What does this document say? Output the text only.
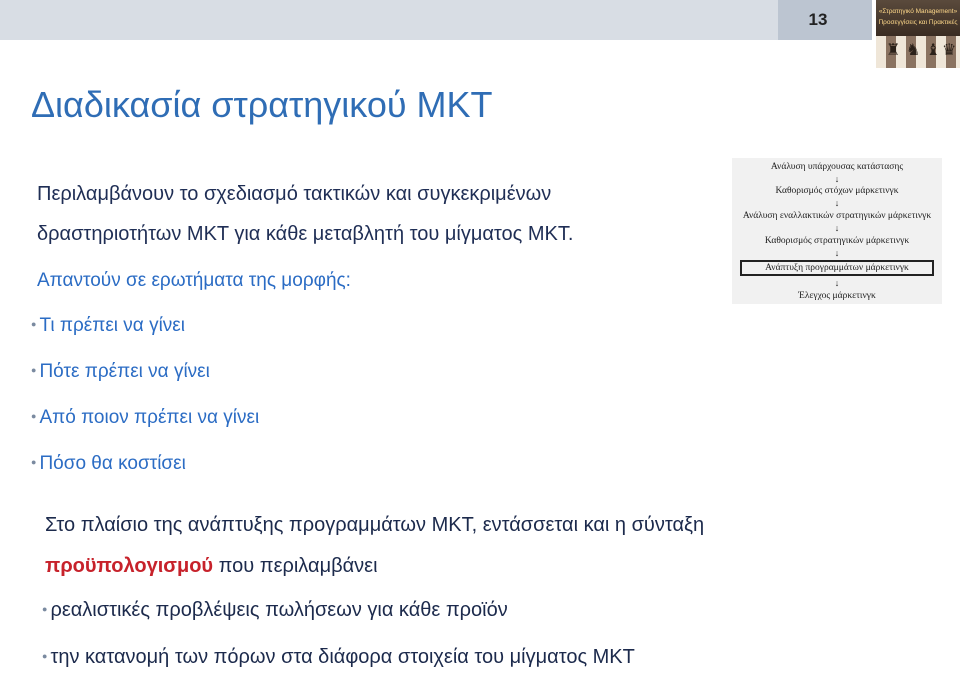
13	«Στρατηγικό Management»
Προσεγγίσεις και Πρακτικές
♜ ♞ ♝ ♛
Διαδικασία στρατηγικού ΜΚΤ

Περιλαμβάνουν το σχεδιασμό τακτικών και συγκεκριμένων

δραστηριοτήτων ΜΚΤ για κάθε μεταβλητή του μίγματος ΜΚΤ.

Απαντούν σε ερωτήματα της μορφής:

● Τι πρέπει να γίνει

● Πότε πρέπει να γίνει

● Από ποιον πρέπει να γίνει

● Πόσο θα κοστίσει

Στο πλαίσιο της ανάπτυξης προγραμμάτων ΜΚΤ, εντάσσεται και η σύνταξη

προϋπολογισμού που περιλαμβάνει

● ρεαλιστικές προβλέψεις πωλήσεων για κάθε προϊόν

● την κατανομή των πόρων στα διάφορα στοιχεία του μίγματος ΜΚΤ

Ανάλυση υπάρχουσας κατάστασης
↓
Καθορισμός στόχων μάρκετινγκ
↓
Ανάλυση εναλλακτικών στρατηγικών μάρκετινγκ
↓
Καθορισμός στρατηγικών μάρκετινγκ
↓
Ανάπτυξη προγραμμάτων μάρκετινγκ
↓
Έλεγχος μάρκετινγκ
